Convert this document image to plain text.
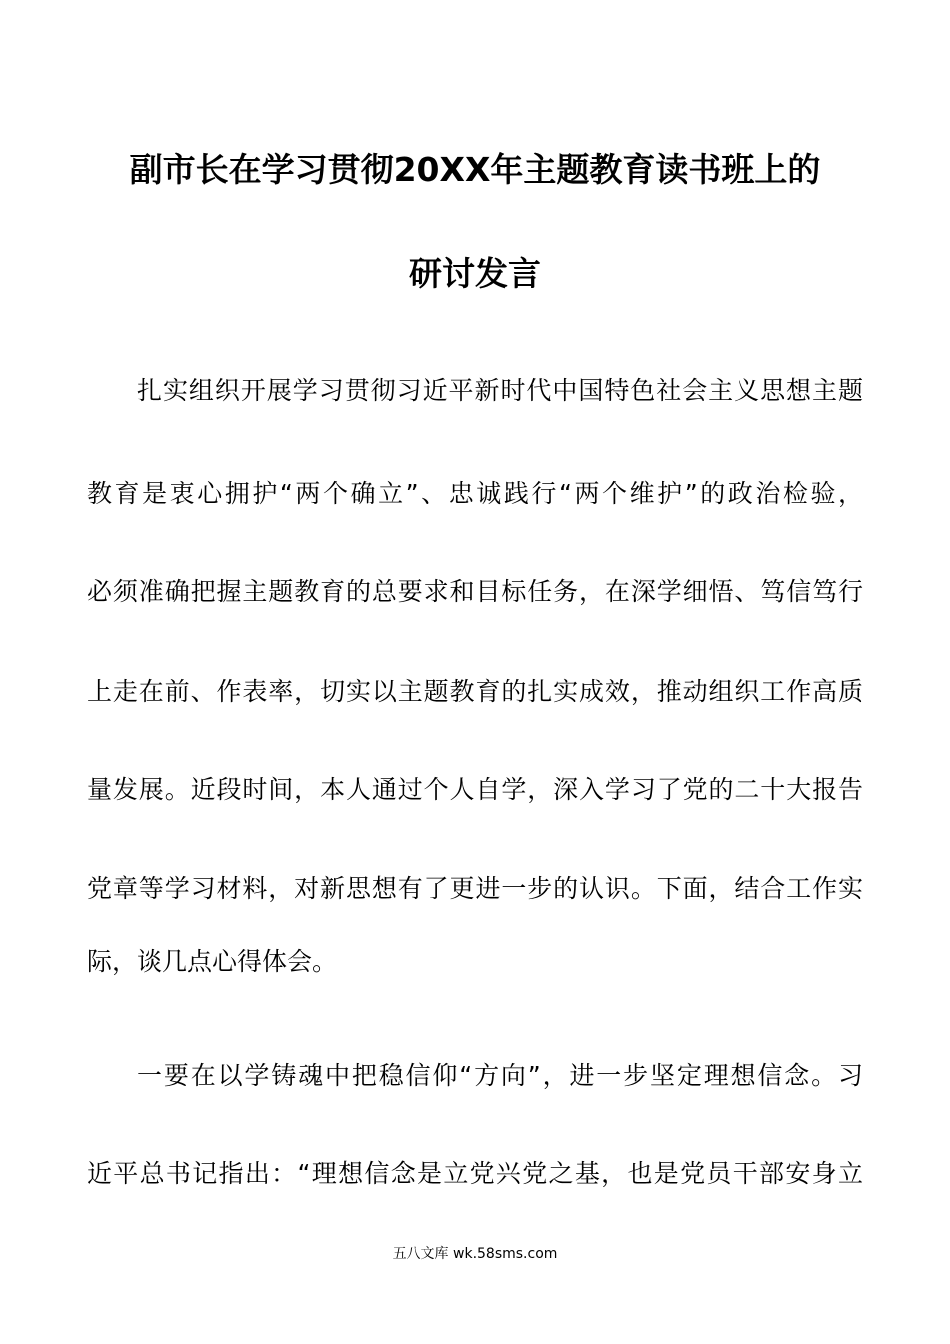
副市长在学习贯彻20XX年主题教育读书班上的
研讨发言
扎实组织开展学习贯彻习近平新时代中国特色社会主义思想主题
教育是衷心拥护“两个确立”、忠诚践行“两个维护”的政治检验，
必须准确把握主题教育的总要求和目标任务，在深学细悟、笃信笃行
上走在前、作表率，切实以主题教育的扎实成效，推动组织工作高质
量发展。近段时间，本人通过个人自学，深入学习了党的二十大报告
党章等学习材料，对新思想有了更进一步的认识。下面，结合工作实
际，谈几点心得体会。
一要在以学铸魂中把稳信仰“方向”，进一步坚定理想信念。习
近平总书记指出：“理想信念是立党兴党之基，也是党员干部安身立
五八文库 wk.58sms.com
